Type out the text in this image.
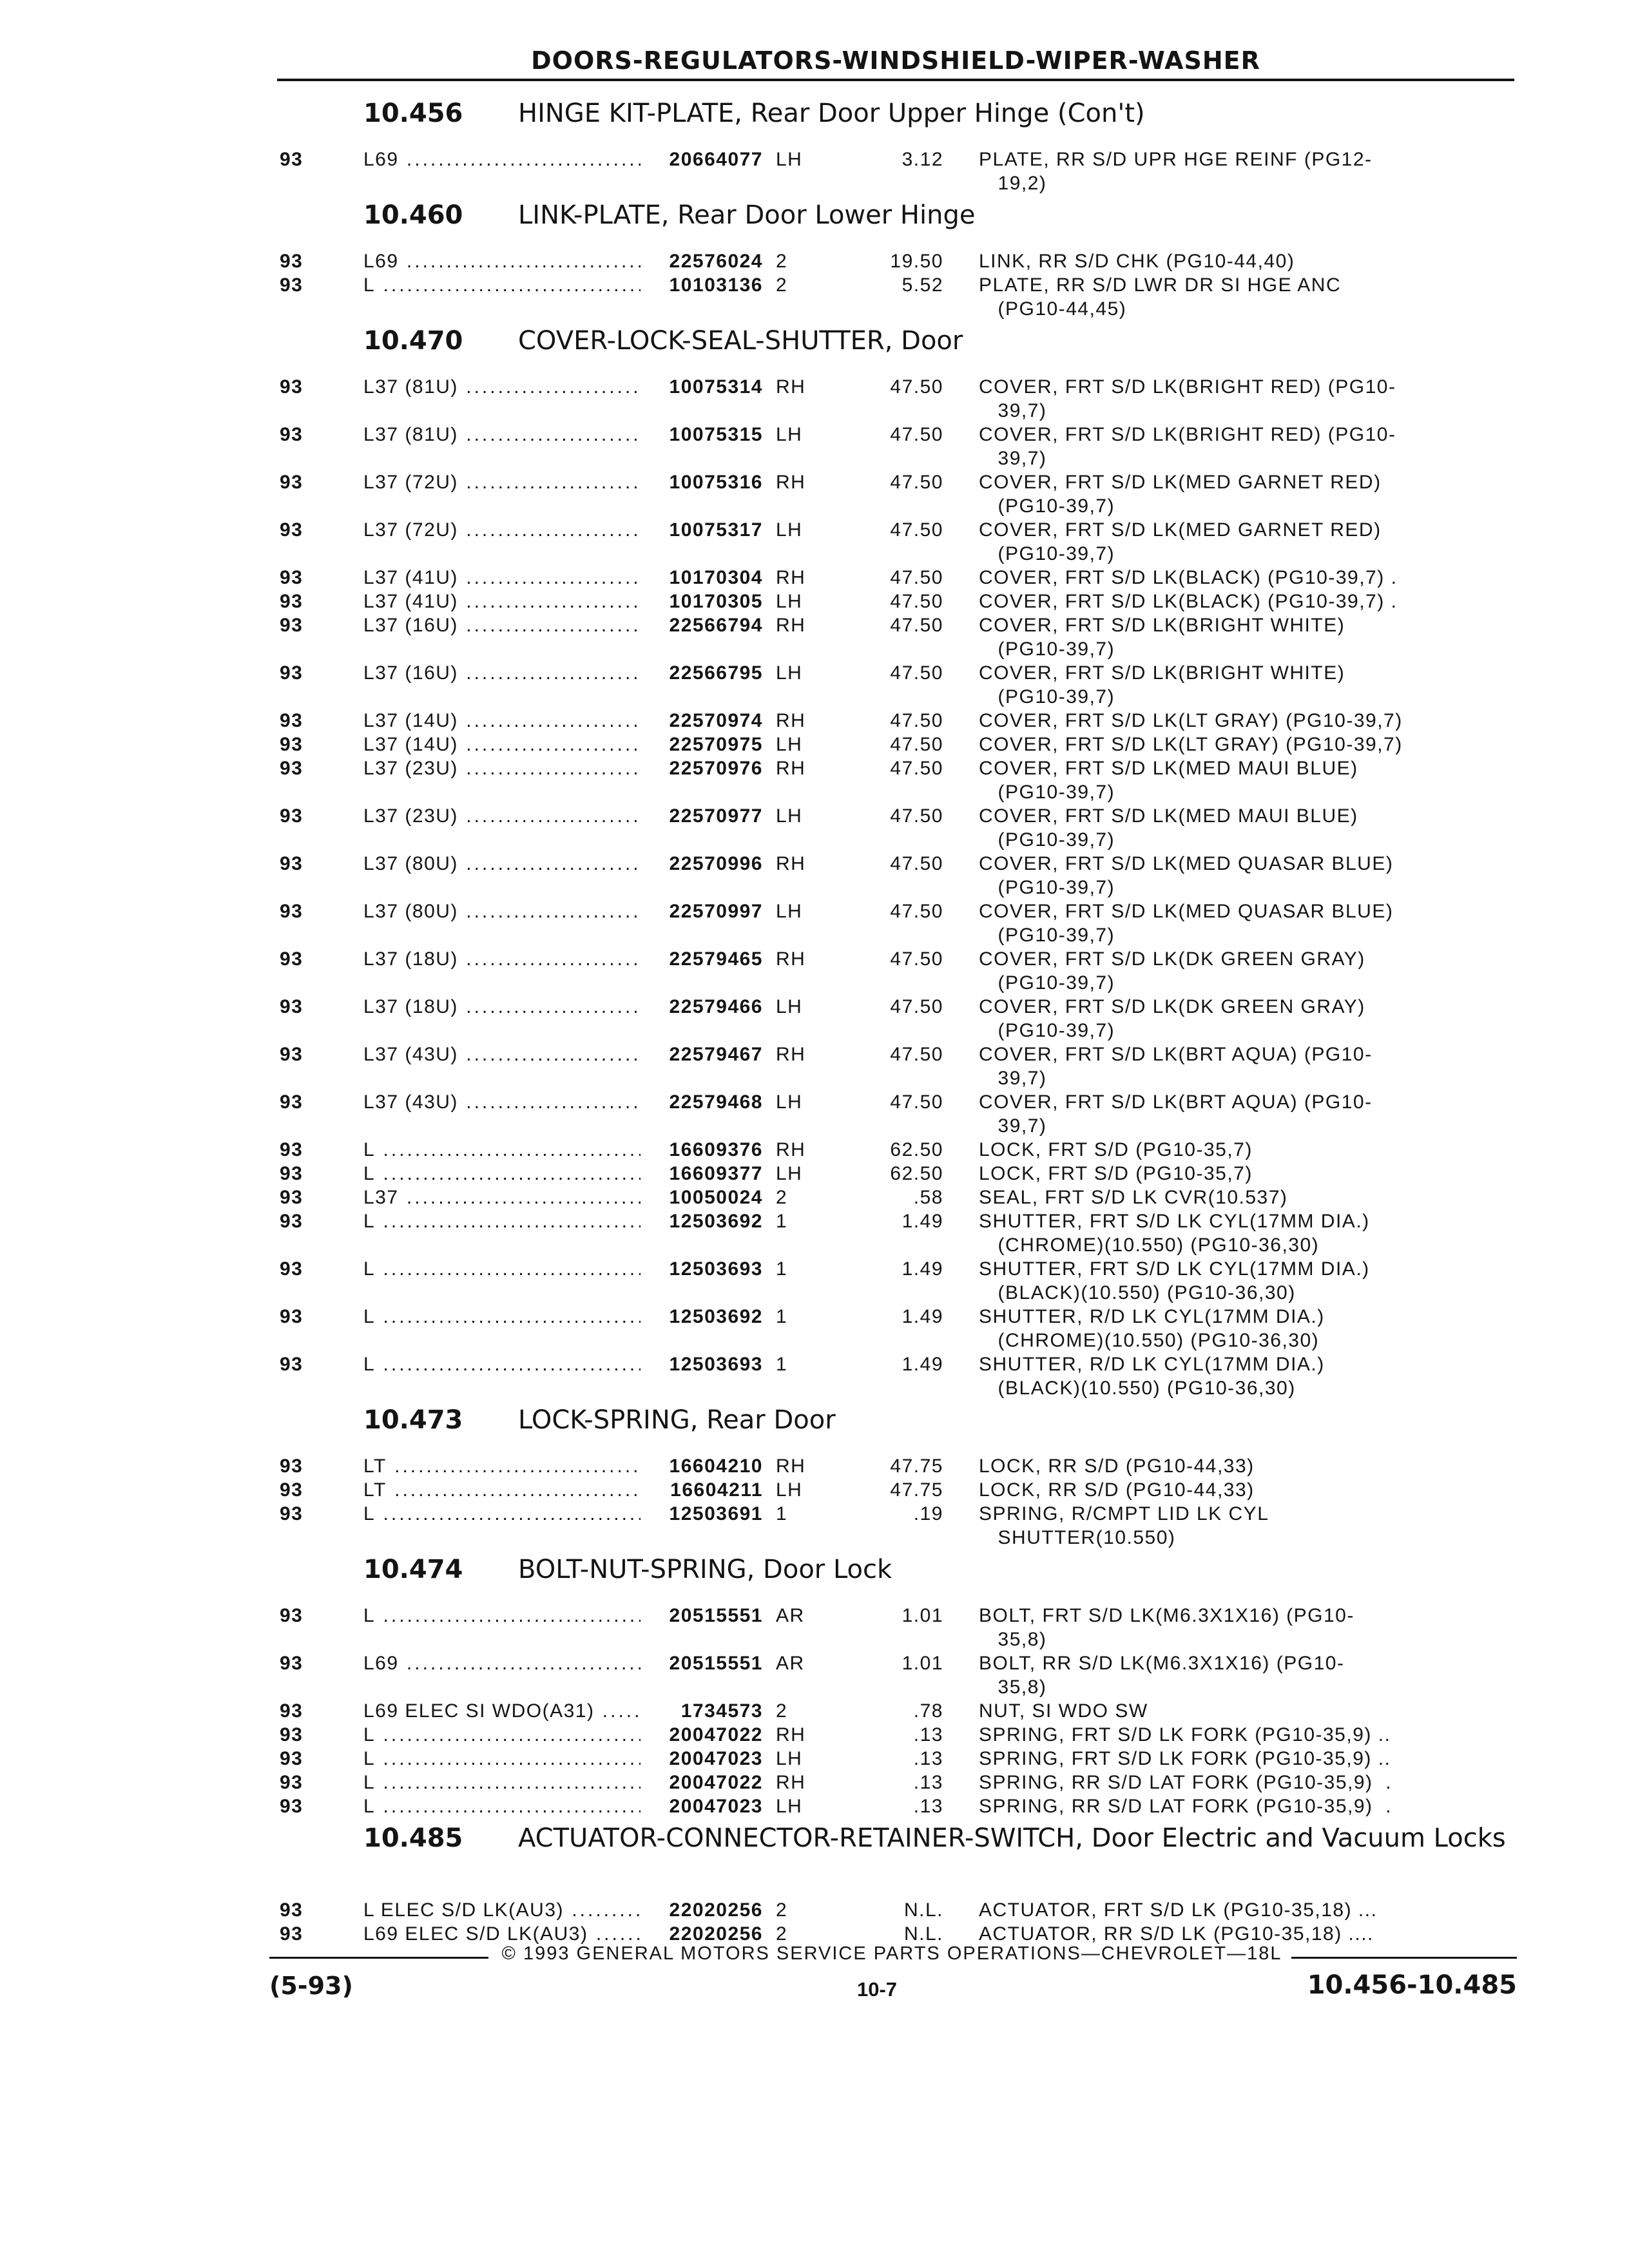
DOORS-REGULATORS-WINDSHIELD-WIPER-WASHER
10.456	HINGE KIT-PLATE, Rear Door Upper Hinge (Con't)
93	L69 .....	20664077 LH	3.12	PLATE, RR S/D UPR HGE REINF (PG12-
19,2) .....
10.460	LINK-PLATE, Rear Door Lower Hinge
93	L69 .....	22576024 2	19.50	LINK, RR S/D CHK (PG10-44,40) .....
93	L .....	10103136 2	5.52	PLATE, RR S/D LWR DR SI HGE ANC
(PG10-44,45) .....
10.470	COVER-LOCK-SEAL-SHUTTER, Door
93	L37 (81U) .....	10075314 RH	47.50	COVER, FRT S/D LK(BRIGHT RED) (PG10-
39,7) .....
93	L37 (81U) .....	10075315 LH	47.50	COVER, FRT S/D LK(BRIGHT RED) (PG10-
39,7) .....
93	L37 (72U) .....	10075316 RH	47.50	COVER, FRT S/D LK(MED GARNET RED)
(PG10-39,7) .....
93	L37 (72U) .....	10075317 LH	47.50	COVER, FRT S/D LK(MED GARNET RED)
(PG10-39,7) .....
93	L37 (41U) .....	10170304 RH	47.50	COVER, FRT S/D LK(BLACK) (PG10-39,7) . .....
93	L37 (41U) .....	10170305 LH	47.50	COVER, FRT S/D LK(BLACK) (PG10-39,7) . .....
93	L37 (16U) .....	22566794 RH	47.50	COVER, FRT S/D LK(BRIGHT WHITE)
(PG10-39,7) .....
93	L37 (16U) .....	22566795 LH	47.50	COVER, FRT S/D LK(BRIGHT WHITE)
(PG10-39,7) .....
93	L37 (14U) .....	22570974 RH	47.50	COVER, FRT S/D LK(LT GRAY) (PG10-39,7) .....
93	L37 (14U) .....	22570975 LH	47.50	COVER, FRT S/D LK(LT GRAY) (PG10-39,7) .....
93	L37 (23U) .....	22570976 RH	47.50	COVER, FRT S/D LK(MED MAUI BLUE)
(PG10-39,7) .....
93	L37 (23U) .....	22570977 LH	47.50	COVER, FRT S/D LK(MED MAUI BLUE)
(PG10-39,7) .....
93	L37 (80U) .....	22570996 RH	47.50	COVER, FRT S/D LK(MED QUASAR BLUE)
(PG10-39,7) .....
93	L37 (80U) .....	22570997 LH	47.50	COVER, FRT S/D LK(MED QUASAR BLUE)
(PG10-39,7) .....
93	L37 (18U) .....	22579465 RH	47.50	COVER, FRT S/D LK(DK GREEN GRAY)
(PG10-39,7) .....
93	L37 (18U) .....	22579466 LH	47.50	COVER, FRT S/D LK(DK GREEN GRAY)
(PG10-39,7) .....
93	L37 (43U) .....	22579467 RH	47.50	COVER, FRT S/D LK(BRT AQUA) (PG10-
39,7) .....
93	L37 (43U) .....	22579468 LH	47.50	COVER, FRT S/D LK(BRT AQUA) (PG10-
39,7) .....
93	L .....	16609376 RH	62.50	LOCK, FRT S/D (PG10-35,7) .....
93	L .....	16609377 LH	62.50	LOCK, FRT S/D (PG10-35,7) .....
93	L37 .....	10050024 2	.58	SEAL, FRT S/D LK CVR(10.537) .....
93	L .....	12503692 1	1.49	SHUTTER, FRT S/D LK CYL(17MM DIA.)
(CHROME)(10.550) (PG10-36,30) .....
93	L .....	12503693 1	1.49	SHUTTER, FRT S/D LK CYL(17MM DIA.)
(BLACK)(10.550) (PG10-36,30) .....
93	L .....	12503692 1	1.49	SHUTTER, R/D LK CYL(17MM DIA.)
(CHROME)(10.550) (PG10-36,30) .....
93	L .....	12503693 1	1.49	SHUTTER, R/D LK CYL(17MM DIA.)
(BLACK)(10.550) (PG10-36,30) .....
10.473	LOCK-SPRING, Rear Door
93	LT .....	16604210 RH	47.75	LOCK, RR S/D (PG10-44,33) .....
93	LT .....	16604211 LH	47.75	LOCK, RR S/D (PG10-44,33) .....
93	L .....	12503691 1	.19	SPRING, R/CMPT LID LK CYL
SHUTTER(10.550) .....
10.474	BOLT-NUT-SPRING, Door Lock
93	L .....	20515551 AR	1.01	BOLT, FRT S/D LK(M6.3X1X16) (PG10-
35,8) .....
93	L69 .....	20515551 AR	1.01	BOLT, RR S/D LK(M6.3X1X16) (PG10-
35,8) .....
93	L69 ELEC SI WDO(A31) .....	1734573 2	.78	NUT, SI WDO SW .....
93	L .....	20047022 RH	.13	SPRING, FRT S/D LK FORK (PG10-35,9) .. .....
93	L .....	20047023 LH	.13	SPRING, FRT S/D LK FORK (PG10-35,9) .. .....
93	L .....	20047022 RH	.13	SPRING, RR S/D LAT FORK (PG10-35,9)  . .....
93	L .....	20047023 LH	.13	SPRING, RR S/D LAT FORK (PG10-35,9)  . .....
10.485	ACTUATOR-CONNECTOR-RETAINER-SWITCH, Door Electric and Vacuum Locks
93	L ELEC S/D LK(AU3) .....	22020256 2	N.L.	ACTUATOR, FRT S/D LK (PG10-35,18) ... .....
93	L69 ELEC S/D LK(AU3) .....	22020256 2	N.L.	ACTUATOR, RR S/D LK (PG10-35,18) .... .....
© 1993 GENERAL MOTORS SERVICE PARTS OPERATIONS—CHEVROLET—18L
(5-93)	10-7	10.456-10.485
